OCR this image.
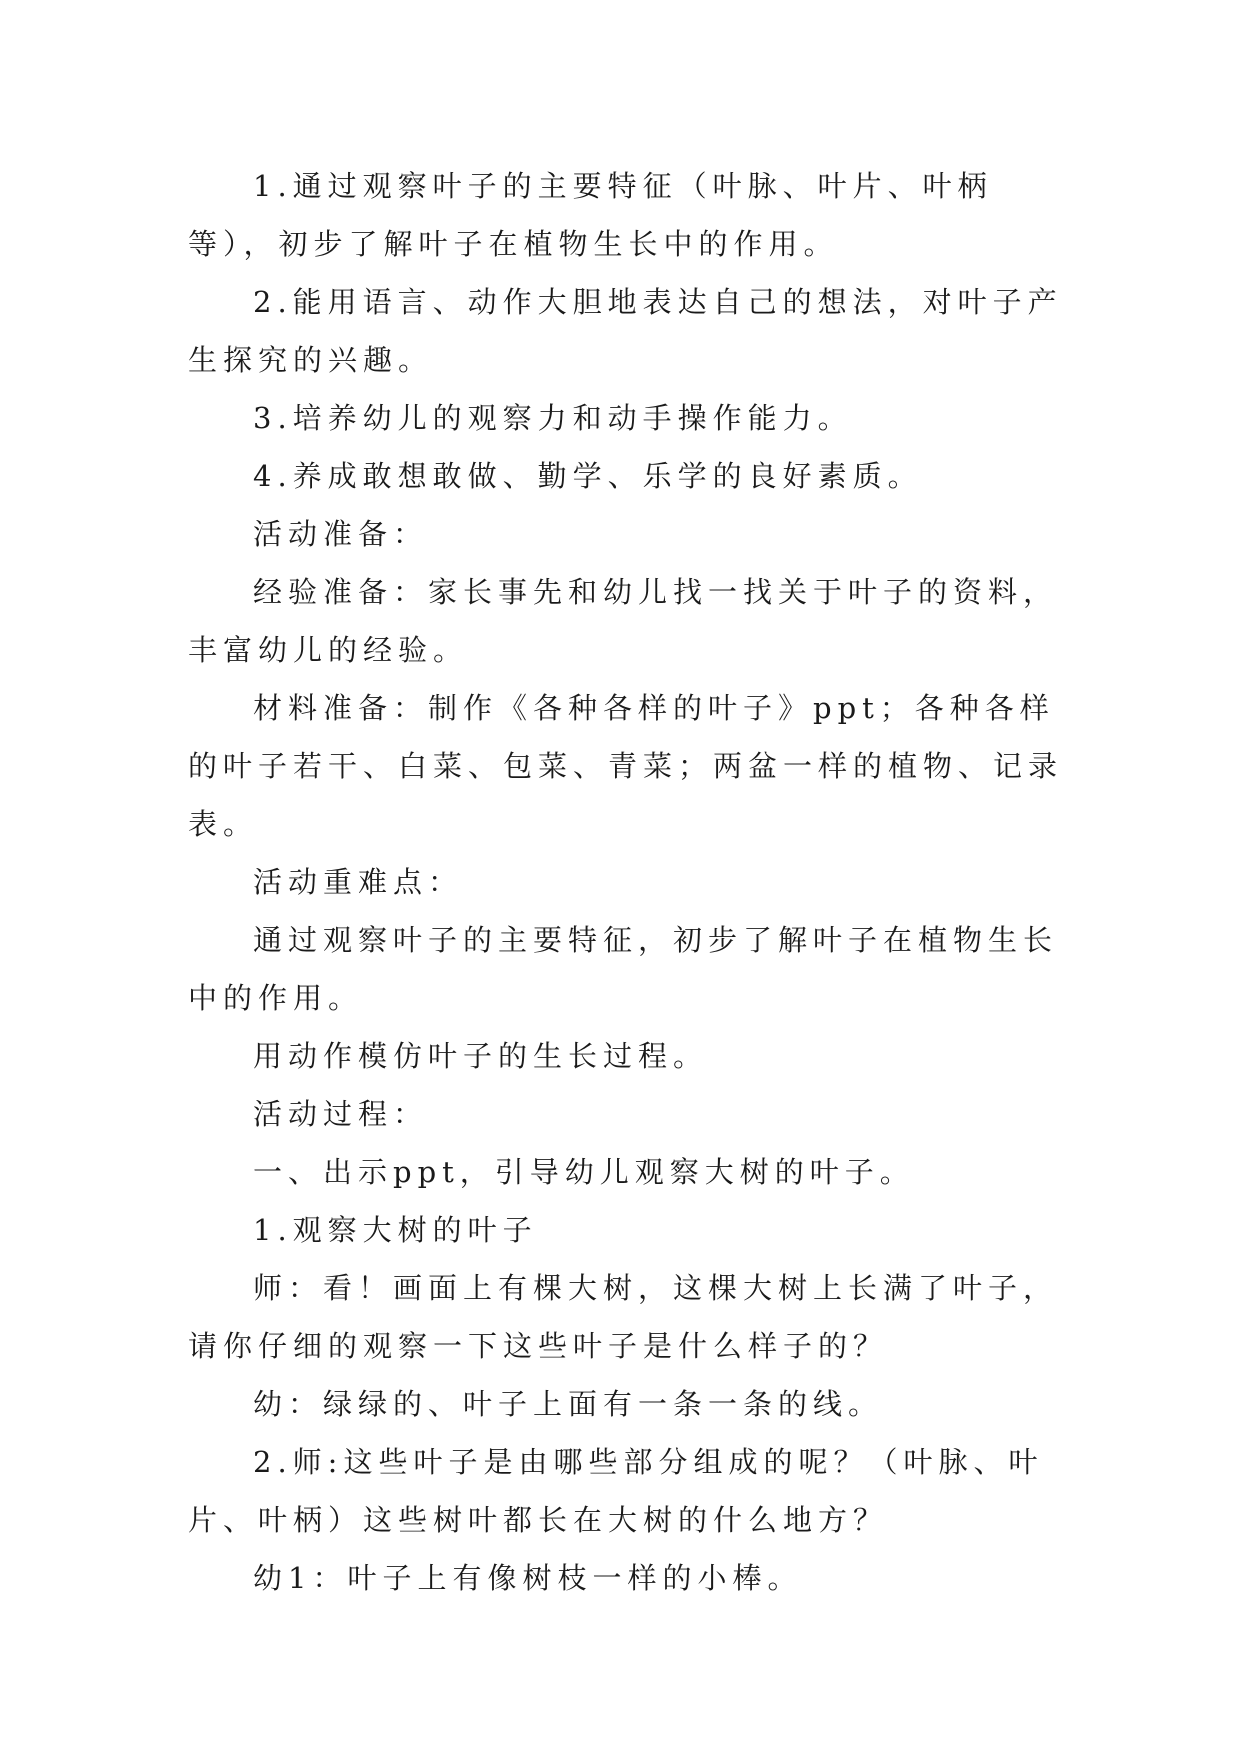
1.通过观察叶子的主要特征（叶脉、叶片、叶柄等），初步了解叶子在植物生长中的作用。

2.能用语言、动作大胆地表达自己的想法，对叶子产生探究的兴趣。

3.培养幼儿的观察力和动手操作能力。

4.养成敢想敢做、勤学、乐学的良好素质。

活动准备：

经验准备：家长事先和幼儿找一找关于叶子的资料，丰富幼儿的经验。

材料准备：制作《各种各样的叶子》ppt；各种各样的叶子若干、白菜、包菜、青菜；两盆一样的植物、记录表。

活动重难点：

通过观察叶子的主要特征，初步了解叶子在植物生长中的作用。

用动作模仿叶子的生长过程。

活动过程：

一、出示ppt，引导幼儿观察大树的叶子。

1.观察大树的叶子

师：看！画面上有棵大树，这棵大树上长满了叶子，请你仔细的观察一下这些叶子是什么样子的？

幼：绿绿的、叶子上面有一条一条的线。

2.师:这些叶子是由哪些部分组成的呢？（叶脉、叶片、叶柄）这些树叶都长在大树的什么地方？

幼1：叶子上有像树枝一样的小棒。
